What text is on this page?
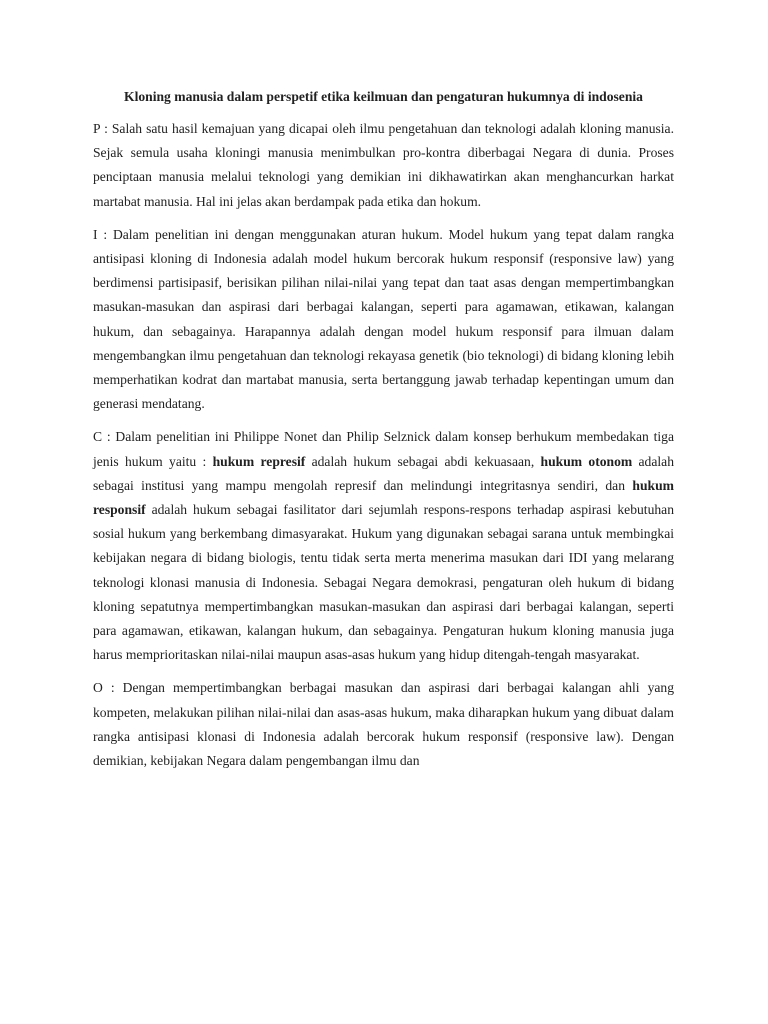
Kloning manusia dalam perspetif etika keilmuan dan pengaturan hukumnya di indosenia

P : Salah satu hasil kemajuan yang dicapai oleh ilmu pengetahuan dan teknologi adalah kloning manusia. Sejak semula usaha kloningi manusia menimbulkan pro-kontra diberbagai Negara di dunia. Proses penciptaan manusia melalui teknologi yang demikian ini dikhawatirkan akan menghancurkan harkat martabat manusia. Hal ini jelas akan berdampak pada etika dan hokum.

I : Dalam penelitian ini dengan menggunakan aturan hukum. Model hukum yang tepat dalam rangka antisipasi kloning di Indonesia adalah model hukum bercorak hukum responsif (responsive law) yang berdimensi partisipasif, berisikan pilihan nilai-nilai yang tepat dan taat asas dengan mempertimbangkan masukan-masukan dan aspirasi dari berbagai kalangan, seperti para agamawan, etikawan, kalangan hukum, dan sebagainya. Harapannya adalah dengan model hukum responsif para ilmuan dalam mengembangkan ilmu pengetahuan dan teknologi rekayasa genetik (bio teknologi) di bidang kloning lebih memperhatikan kodrat dan martabat manusia, serta bertanggung jawab terhadap kepentingan umum dan generasi mendatang.

C : Dalam penelitian ini Philippe Nonet dan Philip Selznick dalam konsep berhukum membedakan tiga jenis hukum yaitu : hukum represif adalah hukum sebagai abdi kekuasaan, hukum otonom adalah sebagai institusi yang mampu mengolah represif dan melindungi integritasnya sendiri, dan hukum responsif adalah hukum sebagai fasilitator dari sejumlah respons-respons terhadap aspirasi kebutuhan sosial hukum yang berkembang dimasyarakat. Hukum yang digunakan sebagai sarana untuk membingkai kebijakan negara di bidang biologis, tentu tidak serta merta menerima masukan dari IDI yang melarang teknologi klonasi manusia di Indonesia. Sebagai Negara demokrasi, pengaturan oleh hukum di bidang kloning sepatutnya mempertimbangkan masukan-masukan dan aspirasi dari berbagai kalangan, seperti para agamawan, etikawan, kalangan hukum, dan sebagainya. Pengaturan hukum kloning manusia juga harus memprioritaskan nilai-nilai maupun asas-asas hukum yang hidup ditengah-tengah masyarakat.

O : Dengan mempertimbangkan berbagai masukan dan aspirasi dari berbagai kalangan ahli yang kompeten, melakukan pilihan nilai-nilai dan asas-asas hukum, maka diharapkan hukum yang dibuat dalam rangka antisipasi klonasi di Indonesia adalah bercorak hukum responsif (responsive law). Dengan demikian, kebijakan Negara dalam pengembangan ilmu dan
